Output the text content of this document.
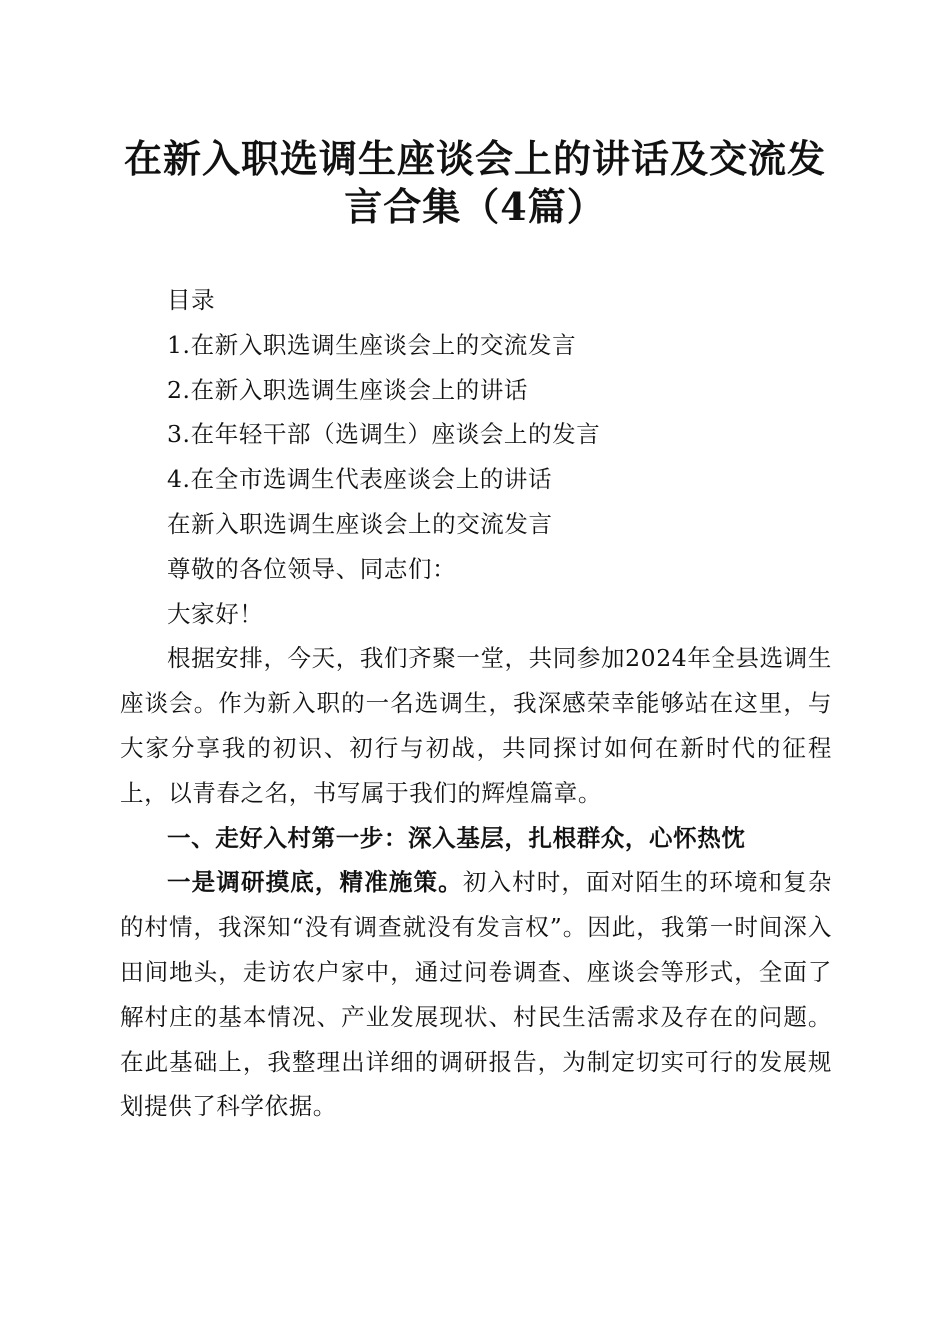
在新入职选调生座谈会上的讲话及交流发言合集（4篇）

目录

1.在新入职选调生座谈会上的交流发言

2.在新入职选调生座谈会上的讲话

3.在年轻干部（选调生）座谈会上的发言

4.在全市选调生代表座谈会上的讲话

在新入职选调生座谈会上的交流发言

尊敬的各位领导、同志们：

大家好！

根据安排，今天，我们齐聚一堂，共同参加2024年全县选调生座谈会。作为新入职的一名选调生，我深感荣幸能够站在这里，与大家分享我的初识、初行与初战，共同探讨如何在新时代的征程上，以青春之名，书写属于我们的辉煌篇章。

一、走好入村第一步：深入基层，扎根群众，心怀热忱

一是调研摸底，精准施策。初入村时，面对陌生的环境和复杂的村情，我深知“没有调查就没有发言权”。因此，我第一时间深入田间地头，走访农户家中，通过问卷调查、座谈会等形式，全面了解村庄的基本情况、产业发展现状、村民生活需求及存在的问题。在此基础上，我整理出详细的调研报告，为制定切实可行的发展规划提供了科学依据。
